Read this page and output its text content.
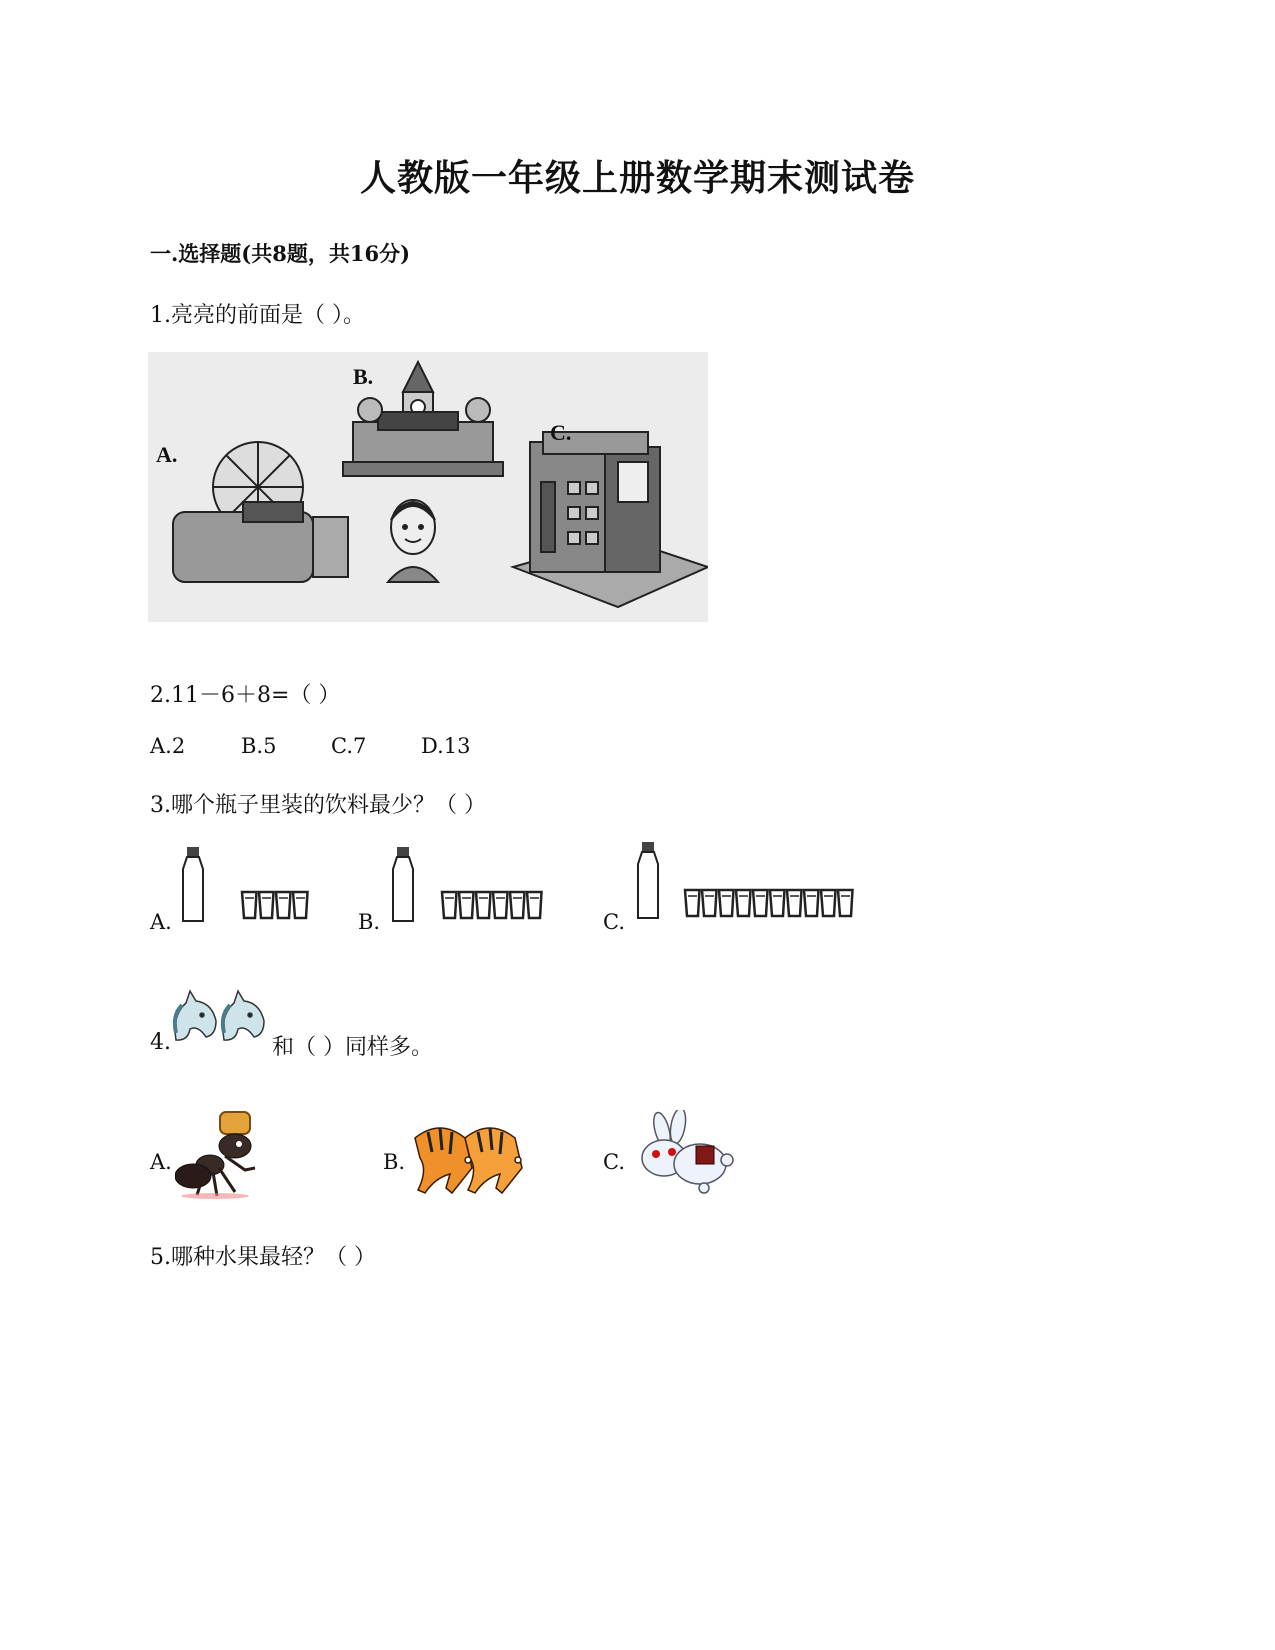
人教版一年级上册数学期末测试卷
一.选择题(共8题，共16分)
1.亮亮的前面是（ ）。
A.
B.
C.
2.11－6＋8=（ ）
A.2	B.5	C.7	D.13
3.哪个瓶子里装的饮料最少？（ ）
A.	B.	C.
4.	和（ ）同样多。
A.	B.	C.
5.哪种水果最轻？（ ）
